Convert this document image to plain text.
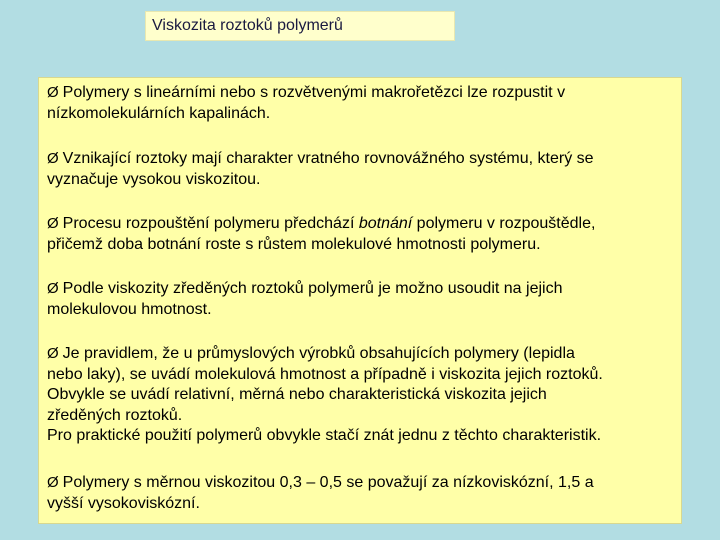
Viskozita roztoků polymerů
Ø Polymery s lineárními nebo s rozvětvenými makrořetězci lze rozpustit v
nízkomolekulárních kapalinách.
Ø Vznikající roztoky mají charakter vratného rovnovážného systému, který se
vyznačuje vysokou viskozitou.
Ø Procesu rozpouštění polymeru předchází botnání polymeru v rozpouštědle,
přičemž doba botnání roste s růstem molekulové hmotnosti polymeru.
Ø Podle viskozity zředěných roztoků polymerů je možno usoudit na jejich
molekulovou hmotnost.
Ø Je pravidlem, že u průmyslových výrobků obsahujících polymery (lepidla
nebo laky), se uvádí molekulová hmotnost a případně i viskozita jejich roztoků.
Obvykle se uvádí relativní, měrná nebo charakteristická viskozita jejich
zředěných roztoků.
Pro praktické použití polymerů obvykle stačí znát jednu z těchto charakteristik.
Ø Polymery s měrnou viskozitou 0,3 – 0,5 se považují za nízkoviskózní, 1,5 a
vyšší vysokoviskózní.
